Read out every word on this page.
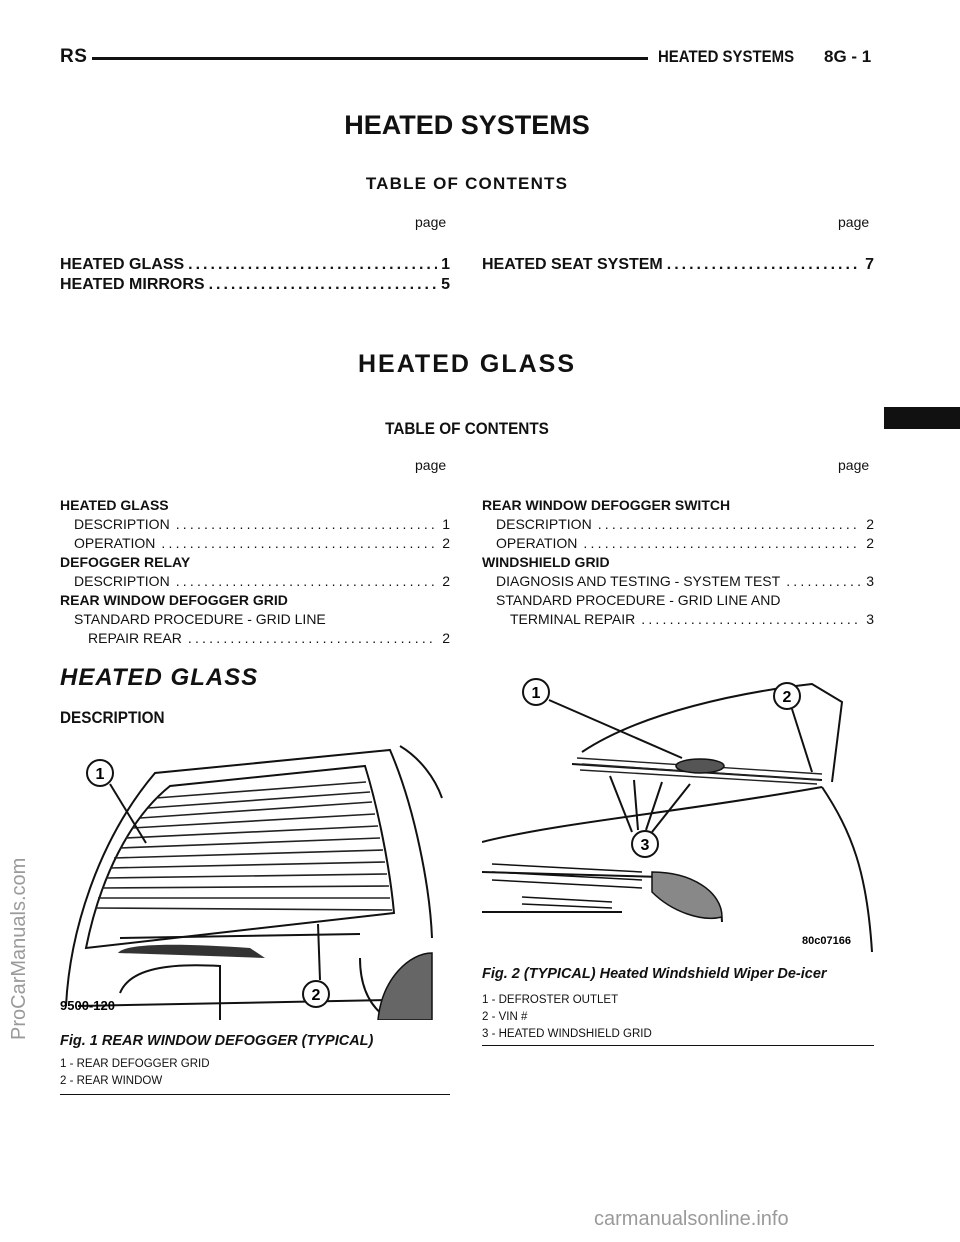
RS	HEATED SYSTEMS 8G - 1
HEATED SYSTEMS
TABLE OF CONTENTS
page	page
HEATED GLASS .....	1
HEATED MIRRORS .....	5
HEATED SEAT SYSTEM .....	7
HEATED GLASS
TABLE OF CONTENTS
page	page
HEATED GLASS
DESCRIPTION .....	1
OPERATION .....	2
DEFOGGER RELAY
DESCRIPTION .....	2
REAR WINDOW DEFOGGER GRID
STANDARD PROCEDURE - GRID LINE
REPAIR REAR .....	2
REAR WINDOW DEFOGGER SWITCH
DESCRIPTION .....	2
OPERATION .....	2
WINDSHIELD GRID
DIAGNOSIS AND TESTING - SYSTEM TEST .....	3
STANDARD PROCEDURE - GRID LINE AND
TERMINAL REPAIR .....	3
HEATED GLASS
DESCRIPTION
1
2
9500-120
Fig. 1 REAR WINDOW DEFOGGER (TYPICAL)
1 - REAR DEFOGGER GRID
2 - REAR WINDOW
1	2
3
80c07166
Fig. 2 (TYPICAL) Heated Windshield Wiper De-icer
1 - DEFROSTER OUTLET
2 - VIN #
3 - HEATED WINDSHIELD GRID
ProCarManuals.com
carmanualsonline.info
